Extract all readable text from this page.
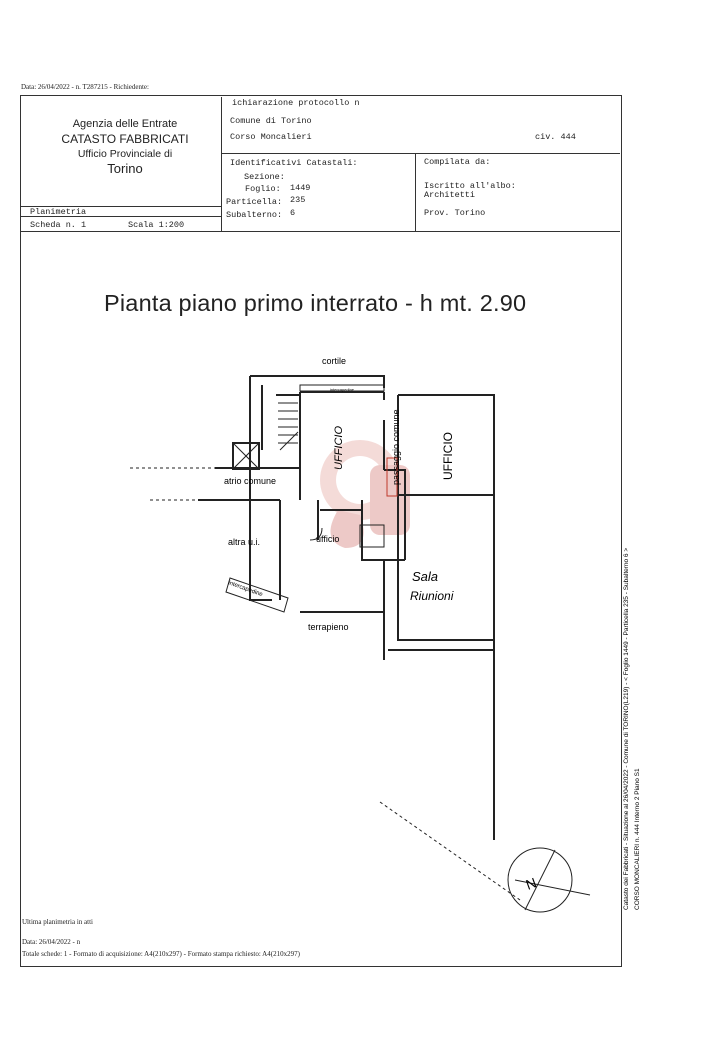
Data: 26/04/2022 - n. T287215 - Richiedente:
Agenzia delle Entrate
CATASTO FABBRICATI
Ufficio Provinciale di
Torino
ichiarazione protocollo n
Comune di Torino
Corso Moncalieri	civ. 444
Identificativi Catastali:
Sezione:
Foglio: 1449
Particella: 235
Subalterno: 6
Compilata da:
Iscritto all'albo:
Architetti
Prov. Torino
Planimetria
Scheda n. 1	Scala 1:200
Pianta piano primo interrato - h mt. 2.90
N
cortile
intercapedine
UFFICIO	passaggio comune	UFFICIO
atrio comune
altra u.i.	ufficio
intercapedine
terrapieno
Sala
Riunioni	Catasto dei Fabbricati - Situazione al 26/04/2022 - Comune di TORINO(L219) - < Foglio 1449 - Particella 235 - Subalterno 6 > CORSO MONCALIERI n. 444 Interno 2 Piano S1
Ultima planimetria in atti
Data: 26/04/2022 - n
Totale schede: 1 - Formato di acquisizione: A4(210x297) - Formato stampa richiesto: A4(210x297)
